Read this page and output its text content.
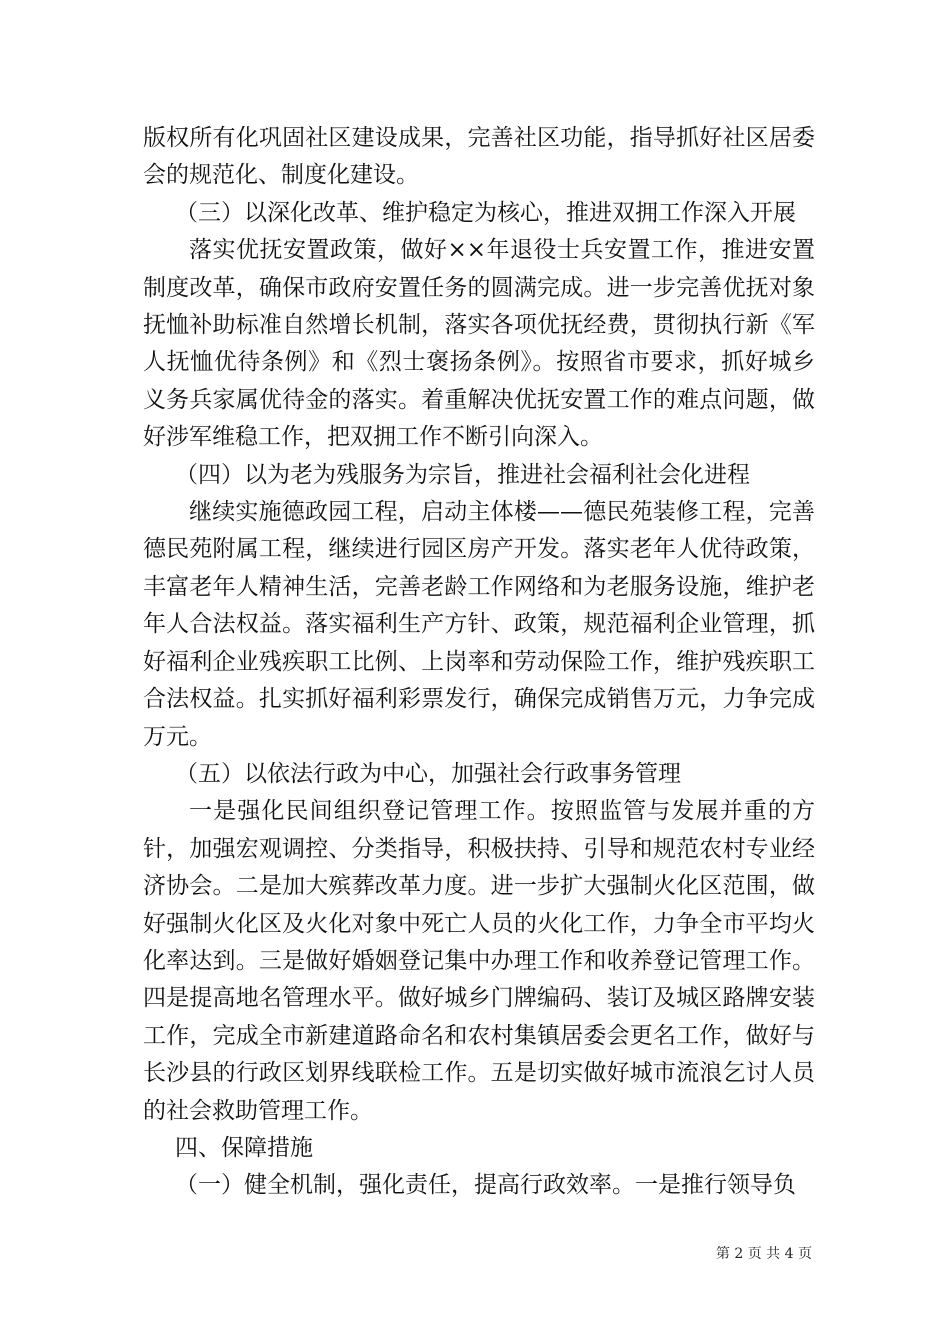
版权所有化巩固社区建设成果，完善社区功能，指导抓好社区居委会的规范化、制度化建设。

（三）以深化改革、维护稳定为核心，推进双拥工作深入开展

落实优抚安置政策，做好××年退役士兵安置工作，推进安置制度改革，确保市政府安置任务的圆满完成。进一步完善优抚对象抚恤补助标准自然增长机制，落实各项优抚经费，贯彻执行新《军人抚恤优待条例》和《烈士褒扬条例》。按照省市要求，抓好城乡义务兵家属优待金的落实。着重解决优抚安置工作的难点问题，做好涉军维稳工作，把双拥工作不断引向深入。

（四）以为老为残服务为宗旨，推进社会福利社会化进程

继续实施德政园工程，启动主体楼——德民苑装修工程，完善德民苑附属工程，继续进行园区房产开发。落实老年人优待政策，丰富老年人精神生活，完善老龄工作网络和为老服务设施，维护老年人合法权益。落实福利生产方针、政策，规范福利企业管理，抓好福利企业残疾职工比例、上岗率和劳动保险工作，维护残疾职工合法权益。扎实抓好福利彩票发行，确保完成销售万元，力争完成万元。

（五）以依法行政为中心，加强社会行政事务管理

一是强化民间组织登记管理工作。按照监管与发展并重的方针，加强宏观调控、分类指导，积极扶持、引导和规范农村专业经济协会。二是加大殡葬改革力度。进一步扩大强制火化区范围，做好强制火化区及火化对象中死亡人员的火化工作，力争全市平均火化率达到。三是做好婚姻登记集中办理工作和收养登记管理工作。四是提高地名管理水平。做好城乡门牌编码、装订及城区路牌安装工作，完成全市新建道路命名和农村集镇居委会更名工作，做好与长沙县的行政区划界线联检工作。五是切实做好城市流浪乞讨人员的社会救助管理工作。

四、保障措施

（一）健全机制，强化责任，提高行政效率。一是推行领导负

第 2 页 共 4 页
